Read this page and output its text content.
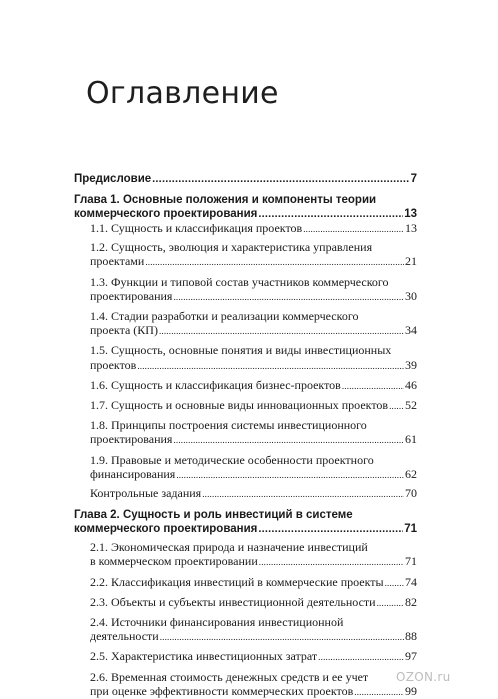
Оглавление
Предисловие .....	7
Глава 1. Основные положения и компоненты теории
коммерческого проектирования .....	13
1.1. Сущность и классификация проектов .....	13
1.2. Сущность, эволюция и характеристика управления
проектами .....	21
1.3. Функции и типовой состав участников коммерческого
проектирования .....	30
1.4. Стадии разработки и реализации коммерческого
проекта (КП) .....	34
1.5. Сущность, основные понятия и виды инвестиционных
проектов .....	39
1.6. Сущность и классификация бизнес-проектов .....	46
1.7. Сущность и основные виды инновационных проектов ..... 52
1.8. Принципы построения системы инвестиционного
проектирования .....	61
1.9. Правовые и методические особенности проектного
финансирования .....	62
Контрольные задания .....	70
Глава 2. Сущность и роль инвестиций в системе
коммерческого проектирования .....	71
2.1. Экономическая природа и назначение инвестиций
в коммерческом проектировании .....	71
2.2. Классификация инвестиций в коммерческие проекты ..... 74
2.3. Объекты и субъекты инвестиционной деятельности ..... 82
2.4. Источники финансирования инвестиционной
деятельности .....	88
2.5. Характеристика инвестиционных затрат .....	97
2.6. Временная стоимость денежных средств и ее учет
при оценке эффективности коммерческих проектов .....	99
OZON.ru
